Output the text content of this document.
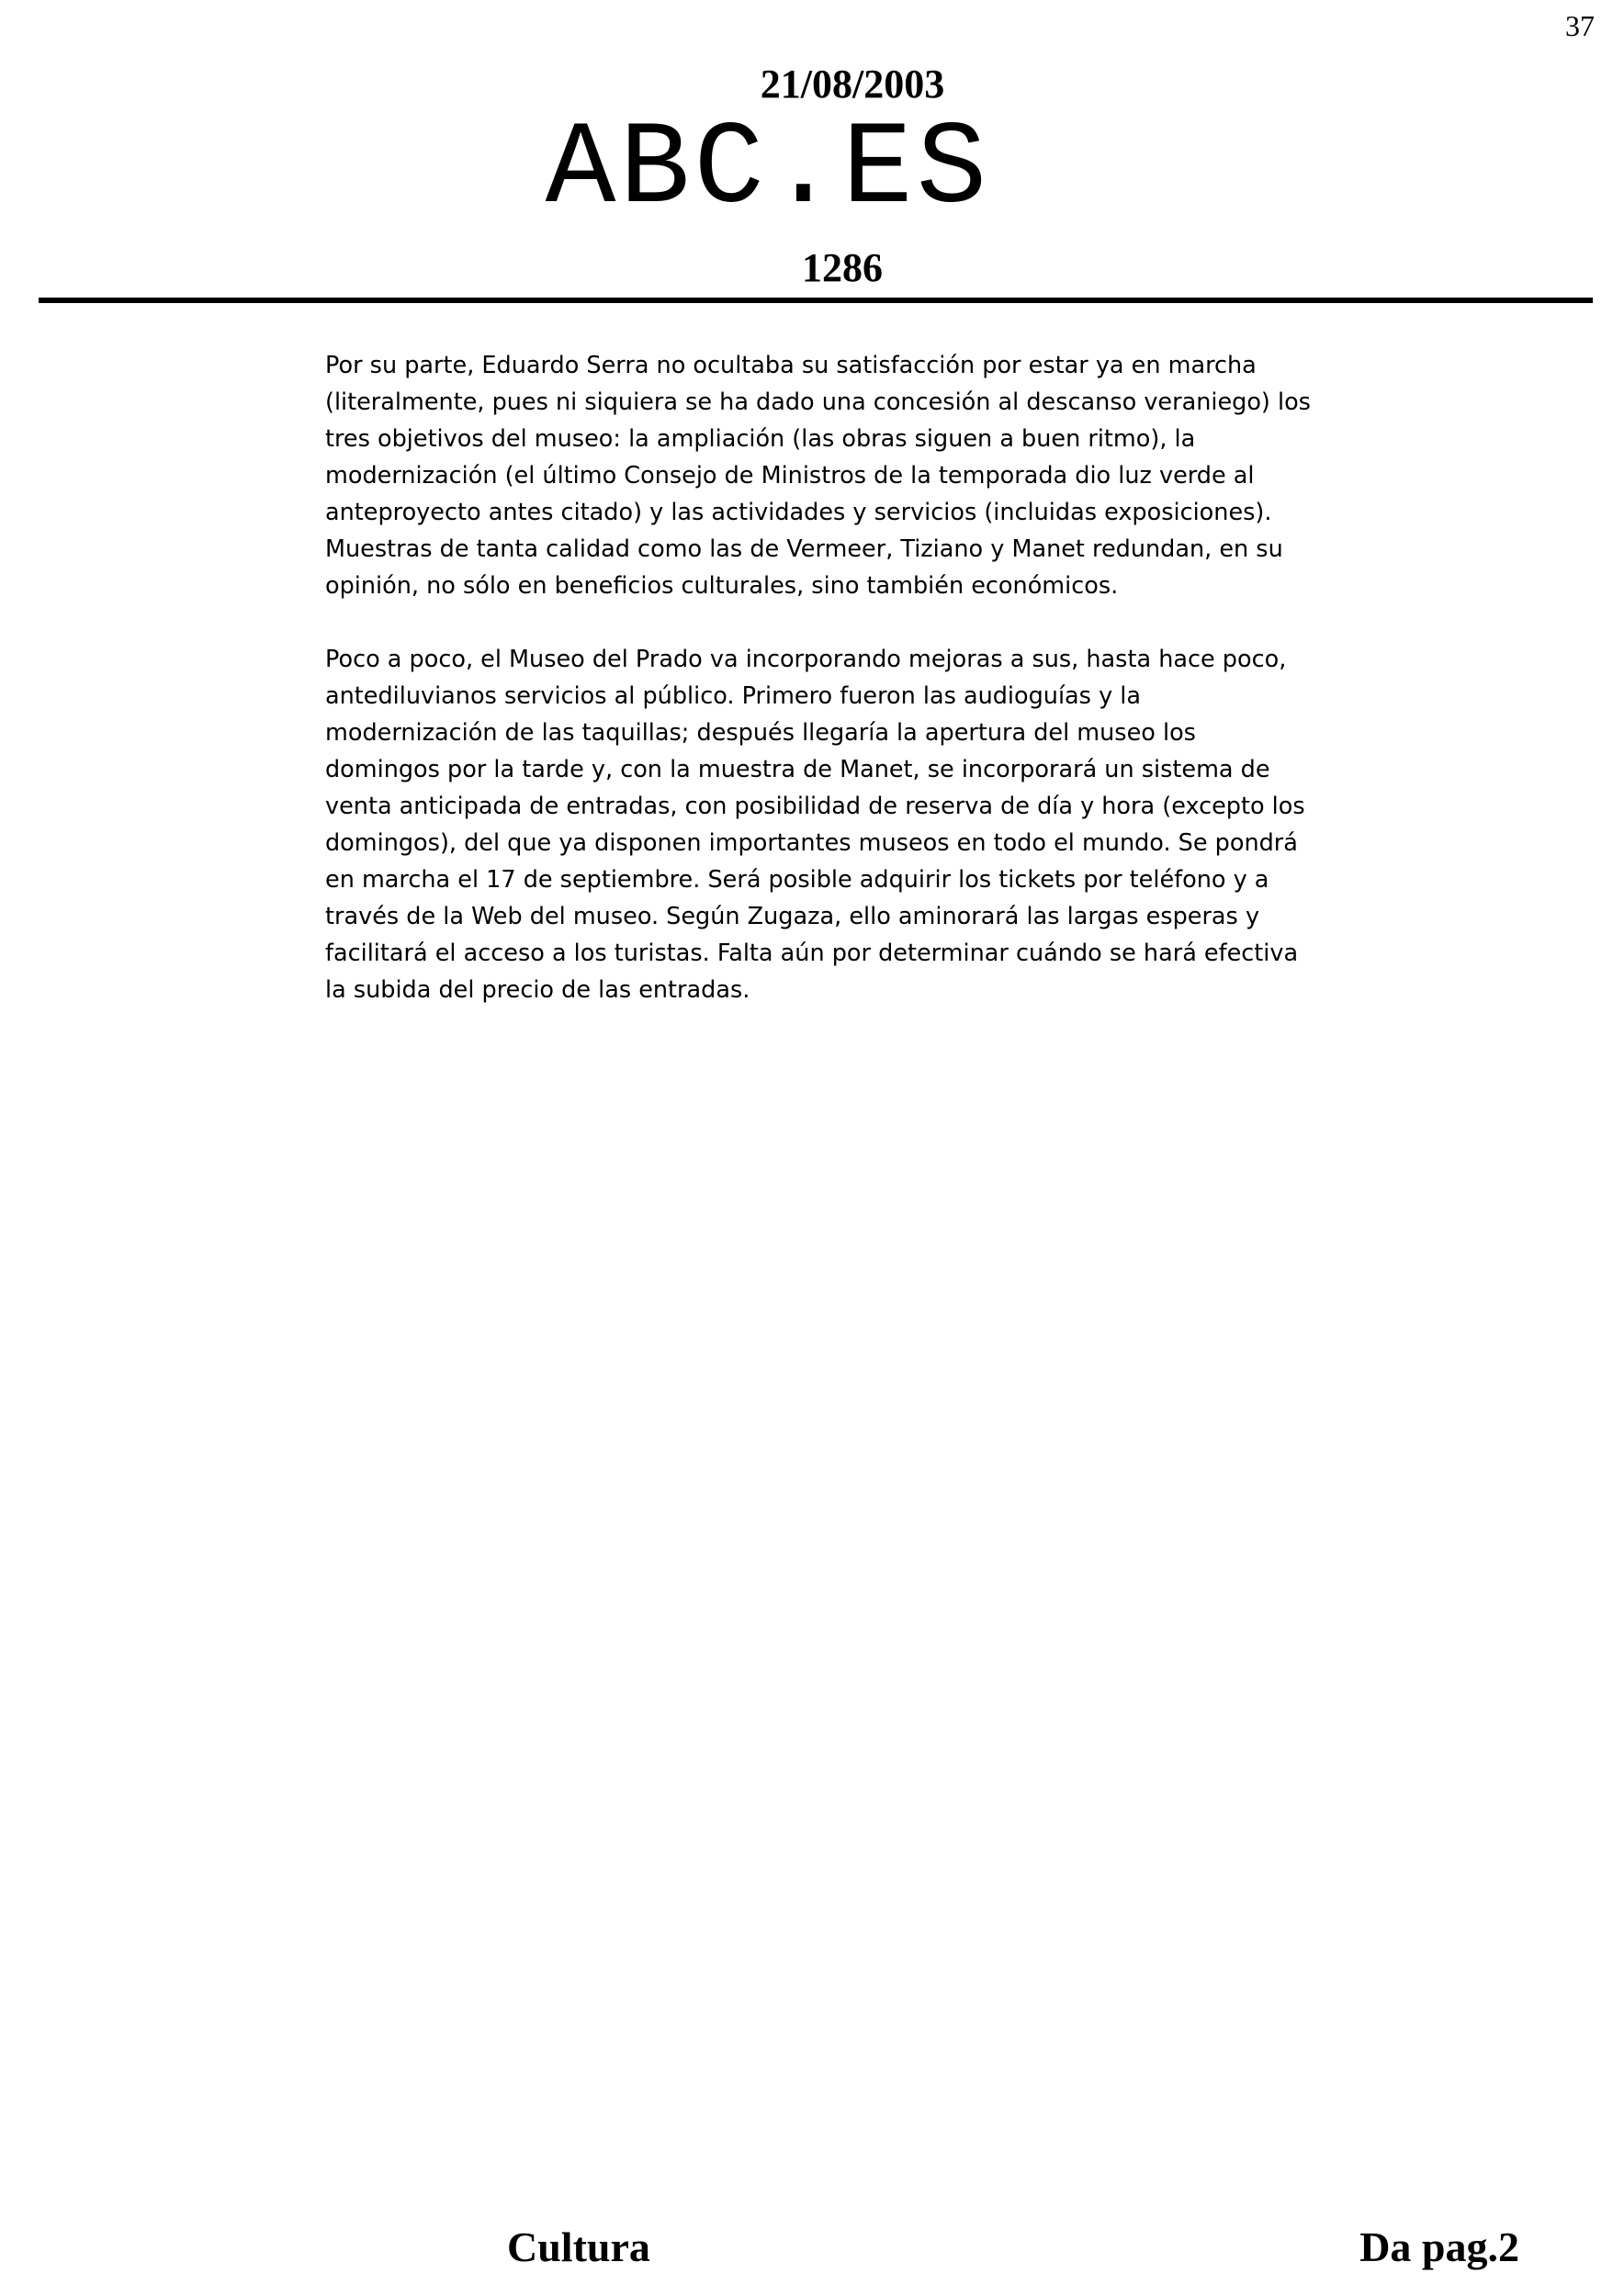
37
21/08/2003
ABC.ES
1286

Por su parte, Eduardo Serra no ocultaba su satisfacción por estar ya en marcha (literalmente, pues ni siquiera se ha dado una concesión al descanso veraniego) los tres objetivos del museo: la ampliación (las obras siguen a buen ritmo), la modernización (el último Consejo de Ministros de la temporada dio luz verde al anteproyecto antes citado) y las actividades y servicios (incluidas exposiciones). Muestras de tanta calidad como las de Vermeer, Tiziano y Manet redundan, en su opinión, no sólo en beneficios culturales, sino también económicos.

Poco a poco, el Museo del Prado va incorporando mejoras a sus, hasta hace poco, antediluvianos servicios al público. Primero fueron las audioguías y la modernización de las taquillas; después llegaría la apertura del museo los domingos por la tarde y, con la muestra de Manet, se incorporará un sistema de venta anticipada de entradas, con posibilidad de reserva de día y hora (excepto los domingos), del que ya disponen importantes museos en todo el mundo. Se pondrá en marcha el 17 de septiembre. Será posible adquirir los tickets por teléfono y a través de la Web del museo. Según Zugaza, ello aminorará las largas esperas y facilitará el acceso a los turistas. Falta aún por determinar cuándo se hará efectiva la subida del precio de las entradas.

Cultura	Da pag.2
